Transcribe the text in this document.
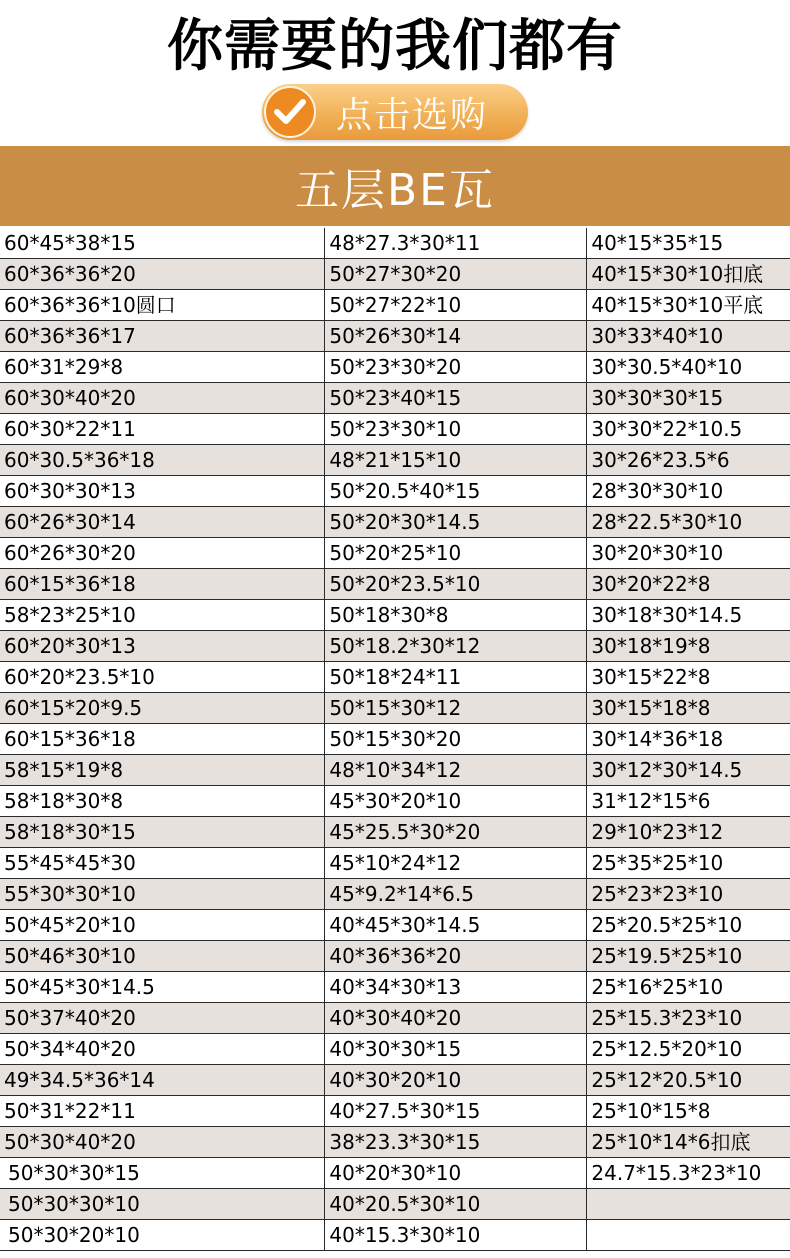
你需要的我们都有
点击选购
五层BE瓦
60*45*38*15	48*27.3*30*11	40*15*35*15
60*36*36*20	50*27*30*20	40*15*30*10扣底
60*36*36*10圆口	50*27*22*10	40*15*30*10平底
60*36*36*17	50*26*30*14	30*33*40*10
60*31*29*8	50*23*30*20	30*30.5*40*10
60*30*40*20	50*23*40*15	30*30*30*15
60*30*22*11	50*23*30*10	30*30*22*10.5
60*30.5*36*18	48*21*15*10	30*26*23.5*6
60*30*30*13	50*20.5*40*15	28*30*30*10
60*26*30*14	50*20*30*14.5	28*22.5*30*10
60*26*30*20	50*20*25*10	30*20*30*10
60*15*36*18	50*20*23.5*10	30*20*22*8
58*23*25*10	50*18*30*8	30*18*30*14.5
60*20*30*13	50*18.2*30*12	30*18*19*8
60*20*23.5*10	50*18*24*11	30*15*22*8
60*15*20*9.5	50*15*30*12	30*15*18*8
60*15*36*18	50*15*30*20	30*14*36*18
58*15*19*8	48*10*34*12	30*12*30*14.5
58*18*30*8	45*30*20*10	31*12*15*6
58*18*30*15	45*25.5*30*20	29*10*23*12
55*45*45*30	45*10*24*12	25*35*25*10
55*30*30*10	45*9.2*14*6.5	25*23*23*10
50*45*20*10	40*45*30*14.5	25*20.5*25*10
50*46*30*10	40*36*36*20	25*19.5*25*10
50*45*30*14.5	40*34*30*13	25*16*25*10
50*37*40*20	40*30*40*20	25*15.3*23*10
50*34*40*20	40*30*30*15	25*12.5*20*10
49*34.5*36*14	40*30*20*10	25*12*20.5*10
50*31*22*11	40*27.5*30*15	25*10*15*8
50*30*40*20	38*23.3*30*15	25*10*14*6扣底
50*30*30*15	40*20*30*10	24.7*15.3*23*10
50*30*30*10	40*20.5*30*10	
50*30*20*10	40*15.3*30*10	
